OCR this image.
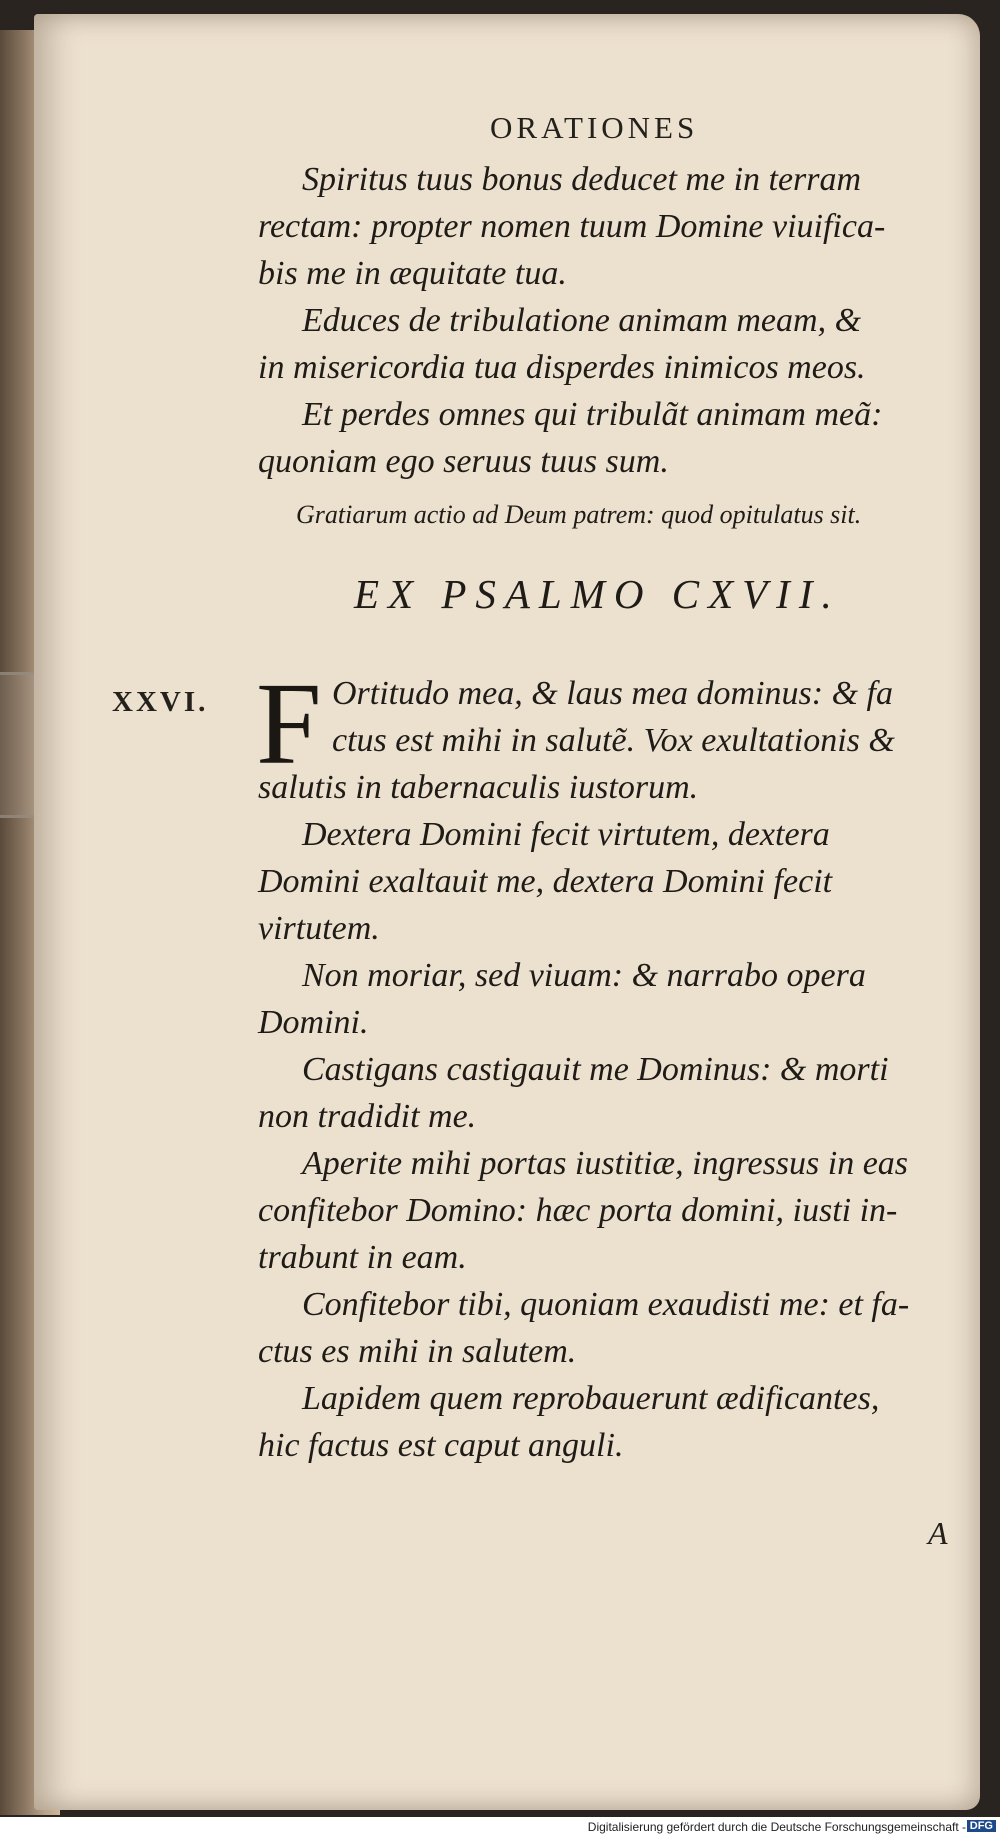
ORATIONES
Spiritus tuus bonus deducet me in terram
rectam: propter nomen tuum Domine viuifica-
bis me in æquitate tua.
Educes de tribulatione animam meam, &
in misericordia tua disperdes inimicos meos.
Et perdes omnes qui tribulãt animam meã:
quoniam ego seruus tuus sum.
Gratiarum actio ad Deum patrem: quod opitulatus sit.
EX PSALMO CXVII.
XXVI. F Ortitudo mea, & laus mea dominus: & fa
ctus est mihi in salutẽ. Vox exultationis &
salutis in tabernaculis iustorum.
Dextera Domini fecit virtutem, dextera
Domini exaltauit me, dextera Domini fecit
virtutem.
Non moriar, sed viuam: & narrabo opera
Domini.
Castigans castigauit me Dominus: & morti
non tradidit me.
Aperite mihi portas iustitiæ, ingressus in eas
confitebor Domino: hæc porta domini, iusti in-
trabunt in eam.
Confitebor tibi, quoniam exaudisti me: et fa-
ctus es mihi in salutem.
Lapidem quem reprobauerunt ædificantes,
hic factus est caput anguli.
A
Digitalisierung gefördert durch die Deutsche Forschungsgemeinschaft - DFG
